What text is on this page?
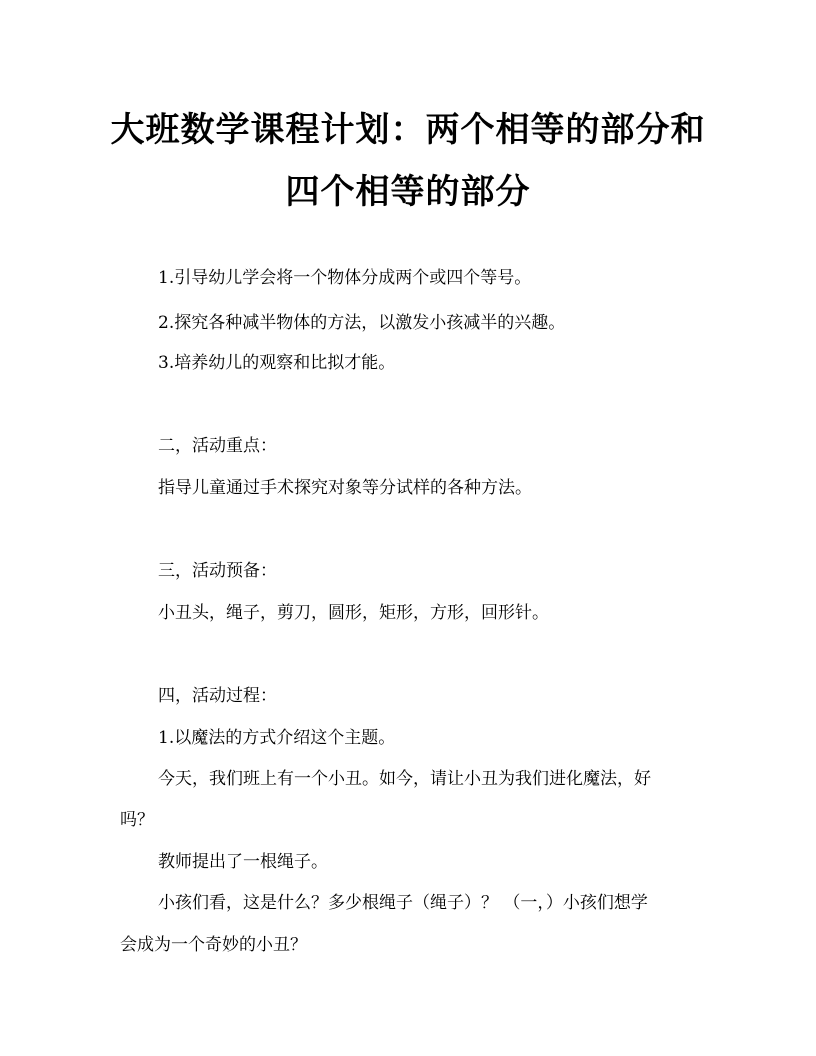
大班数学课程计划：两个相等的部分和
四个相等的部分

1.引导幼儿学会将一个物体分成两个或四个等号。

2.探究各种减半物体的方法，以激发小孩减半的兴趣。

3.培养幼儿的观察和比拟才能。

二，活动重点：

指导儿童通过手术探究对象等分试样的各种方法。

三，活动预备：

小丑头，绳子，剪刀，圆形，矩形，方形，回形针。

四，活动过程：

1.以魔法的方式介绍这个主题。

今天，我们班上有一个小丑。如今，请让小丑为我们进化魔法，好

吗？

教师提出了一根绳子。

小孩们看，这是什么？多少根绳子（绳子）？ （一，）小孩们想学

会成为一个奇妙的小丑？
